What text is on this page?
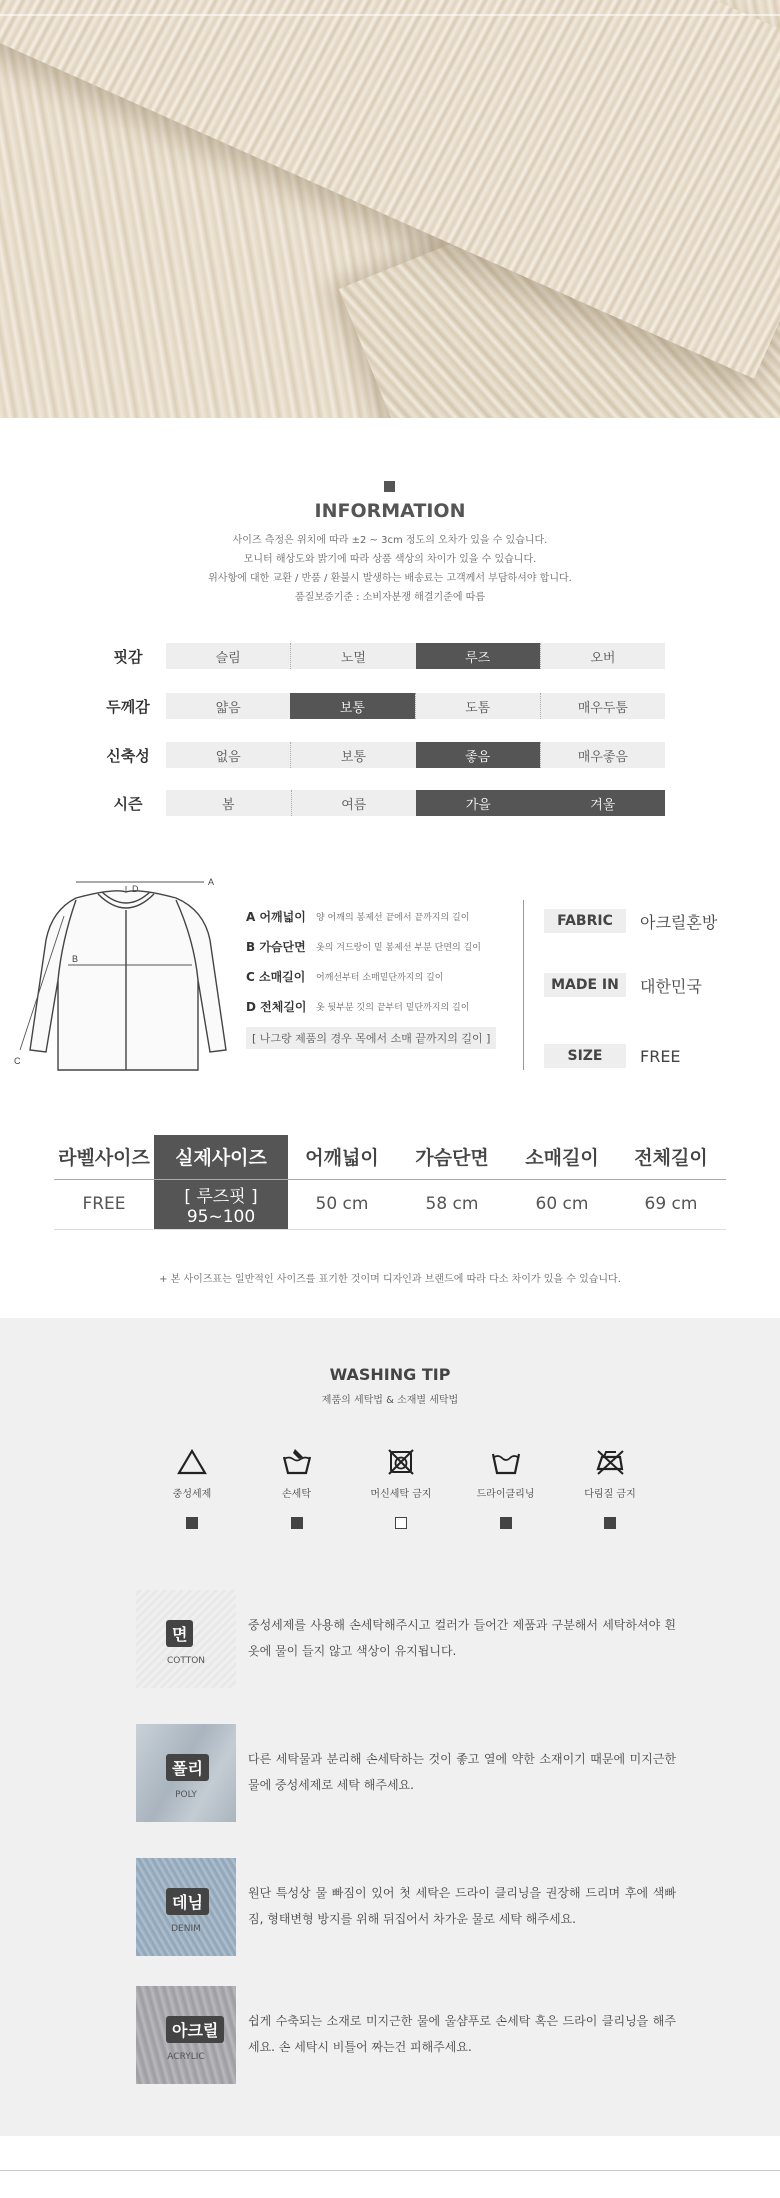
INFORMATION
사이즈 측정은 위치에 따라 ±2 ~ 3cm 정도의 오차가 있을 수 있습니다.
모니터 해상도와 밝기에 따라 상품 색상의 차이가 있을 수 있습니다.
위사항에 대한 교환 / 반품 / 환불시 발생하는 배송료는 고객께서 부담하셔야 합니다.
품질보증기준 : 소비자분쟁 해결기준에 따름
핏감	슬림	노멀	루즈	오버
두께감	얇음	보통	도톰	매우두툼
신축성	없음	보통	좋음	매우좋음
시즌	봄	여름	가을	겨울
A
B
C
D
A 어깨넓이	양 어깨의 봉제선 끝에서 끝까지의 길이
B 가슴단면	옷의 겨드랑이 밑 봉제선 부분 단면의 길이
C 소매길이	어깨선부터 소매밑단까지의 길이
D 전체길이	옷 뒷부분 깃의 끝부터 밑단까지의 길이
[ 나그랑 제품의 경우 목에서 소매 끝까지의 길이 ]
FABRIC	아크릴혼방
MADE IN	대한민국
SIZE	FREE
라벨사이즈	실제사이즈	어깨넓이	가슴단면	소매길이	전체길이
FREE	[ 루즈핏 ] 95~100	50 cm	58 cm	60 cm	69 cm
+ 본 사이즈표는 일반적인 사이즈를 표기한 것이며 디자인과 브랜드에 따라 다소 차이가 있을 수 있습니다.
WASHING TIP
제품의 세탁법 & 소재별 세탁법
중성세제	손세탁	머신세탁 금지	드라이클리닝	다림질 금지
면
COTTON
중성세제를 사용해 손세탁해주시고 컬러가 들어간 제품과 구분해서 세탁하셔야 흰옷에 물이 들지 않고 색상이 유지됩니다.
폴리
POLY
다른 세탁물과 분리해 손세탁하는 것이 좋고 열에 약한 소재이기 때문에 미지근한 물에 중성세제로 세탁 해주세요.
데님
DENIM
원단 특성상 물 빠짐이 있어 첫 세탁은 드라이 클리닝을 권장해 드리며 후에 색빠짐, 형태변형 방지를 위해 뒤집어서 차가운 물로 세탁 해주세요.
아크릴
ACRYLIC
쉽게 수축되는 소재로 미지근한 물에 울샴푸로 손세탁 혹은 드라이 클리닝을 해주세요. 손 세탁시 비틀어 짜는건 피해주세요.
